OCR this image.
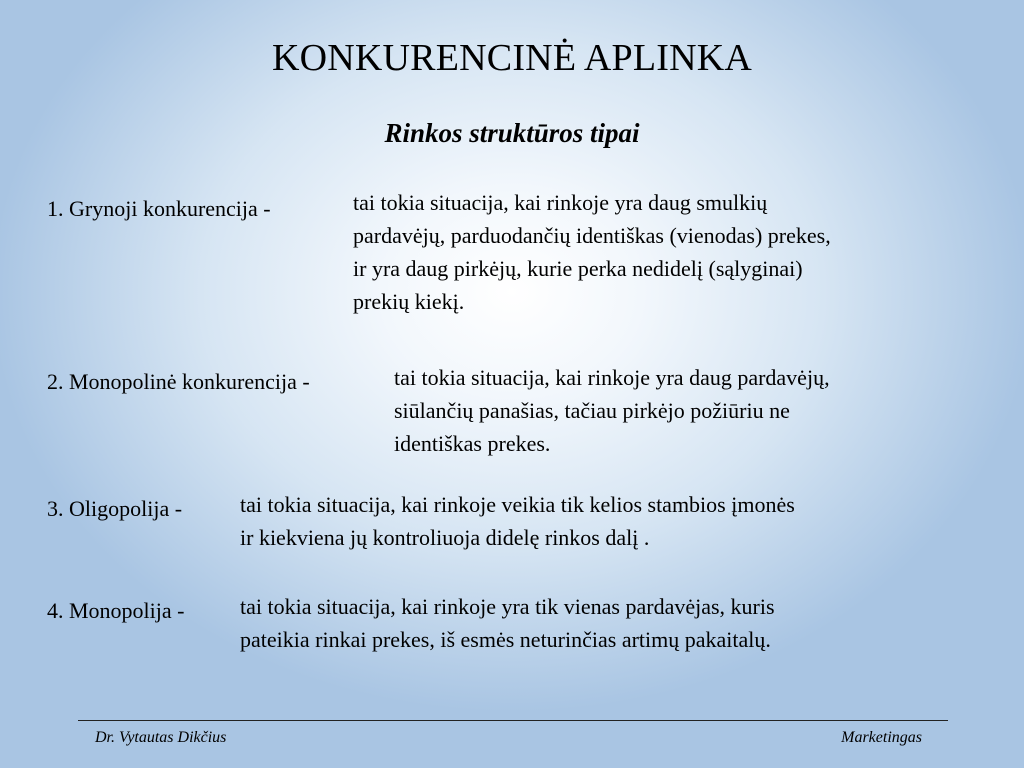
KONKURENCINĖ APLINKA
Rinkos struktūros tipai
1. Grynoji konkurencija -	tai tokia situacija, kai rinkoje yra daug smulkių
pardavėjų, parduodančių identiškas (vienodas) prekes,
ir yra daug pirkėjų, kurie perka nedidelį (sąlyginai)
prekių kiekį.
2. Monopolinė konkurencija -	tai tokia situacija, kai rinkoje yra daug pardavėjų,
siūlančių panašias, tačiau pirkėjo požiūriu ne
identiškas prekes.
3. Oligopolija -	tai tokia situacija, kai rinkoje veikia tik kelios stambios įmonės
ir kiekviena jų kontroliuoja didelę rinkos dalį .
4. Monopolija -	tai tokia situacija, kai rinkoje yra tik vienas pardavėjas, kuris
pateikia rinkai prekes, iš esmės neturinčias artimų pakaitalų.
Dr. Vytautas Dikčius	Marketingas
